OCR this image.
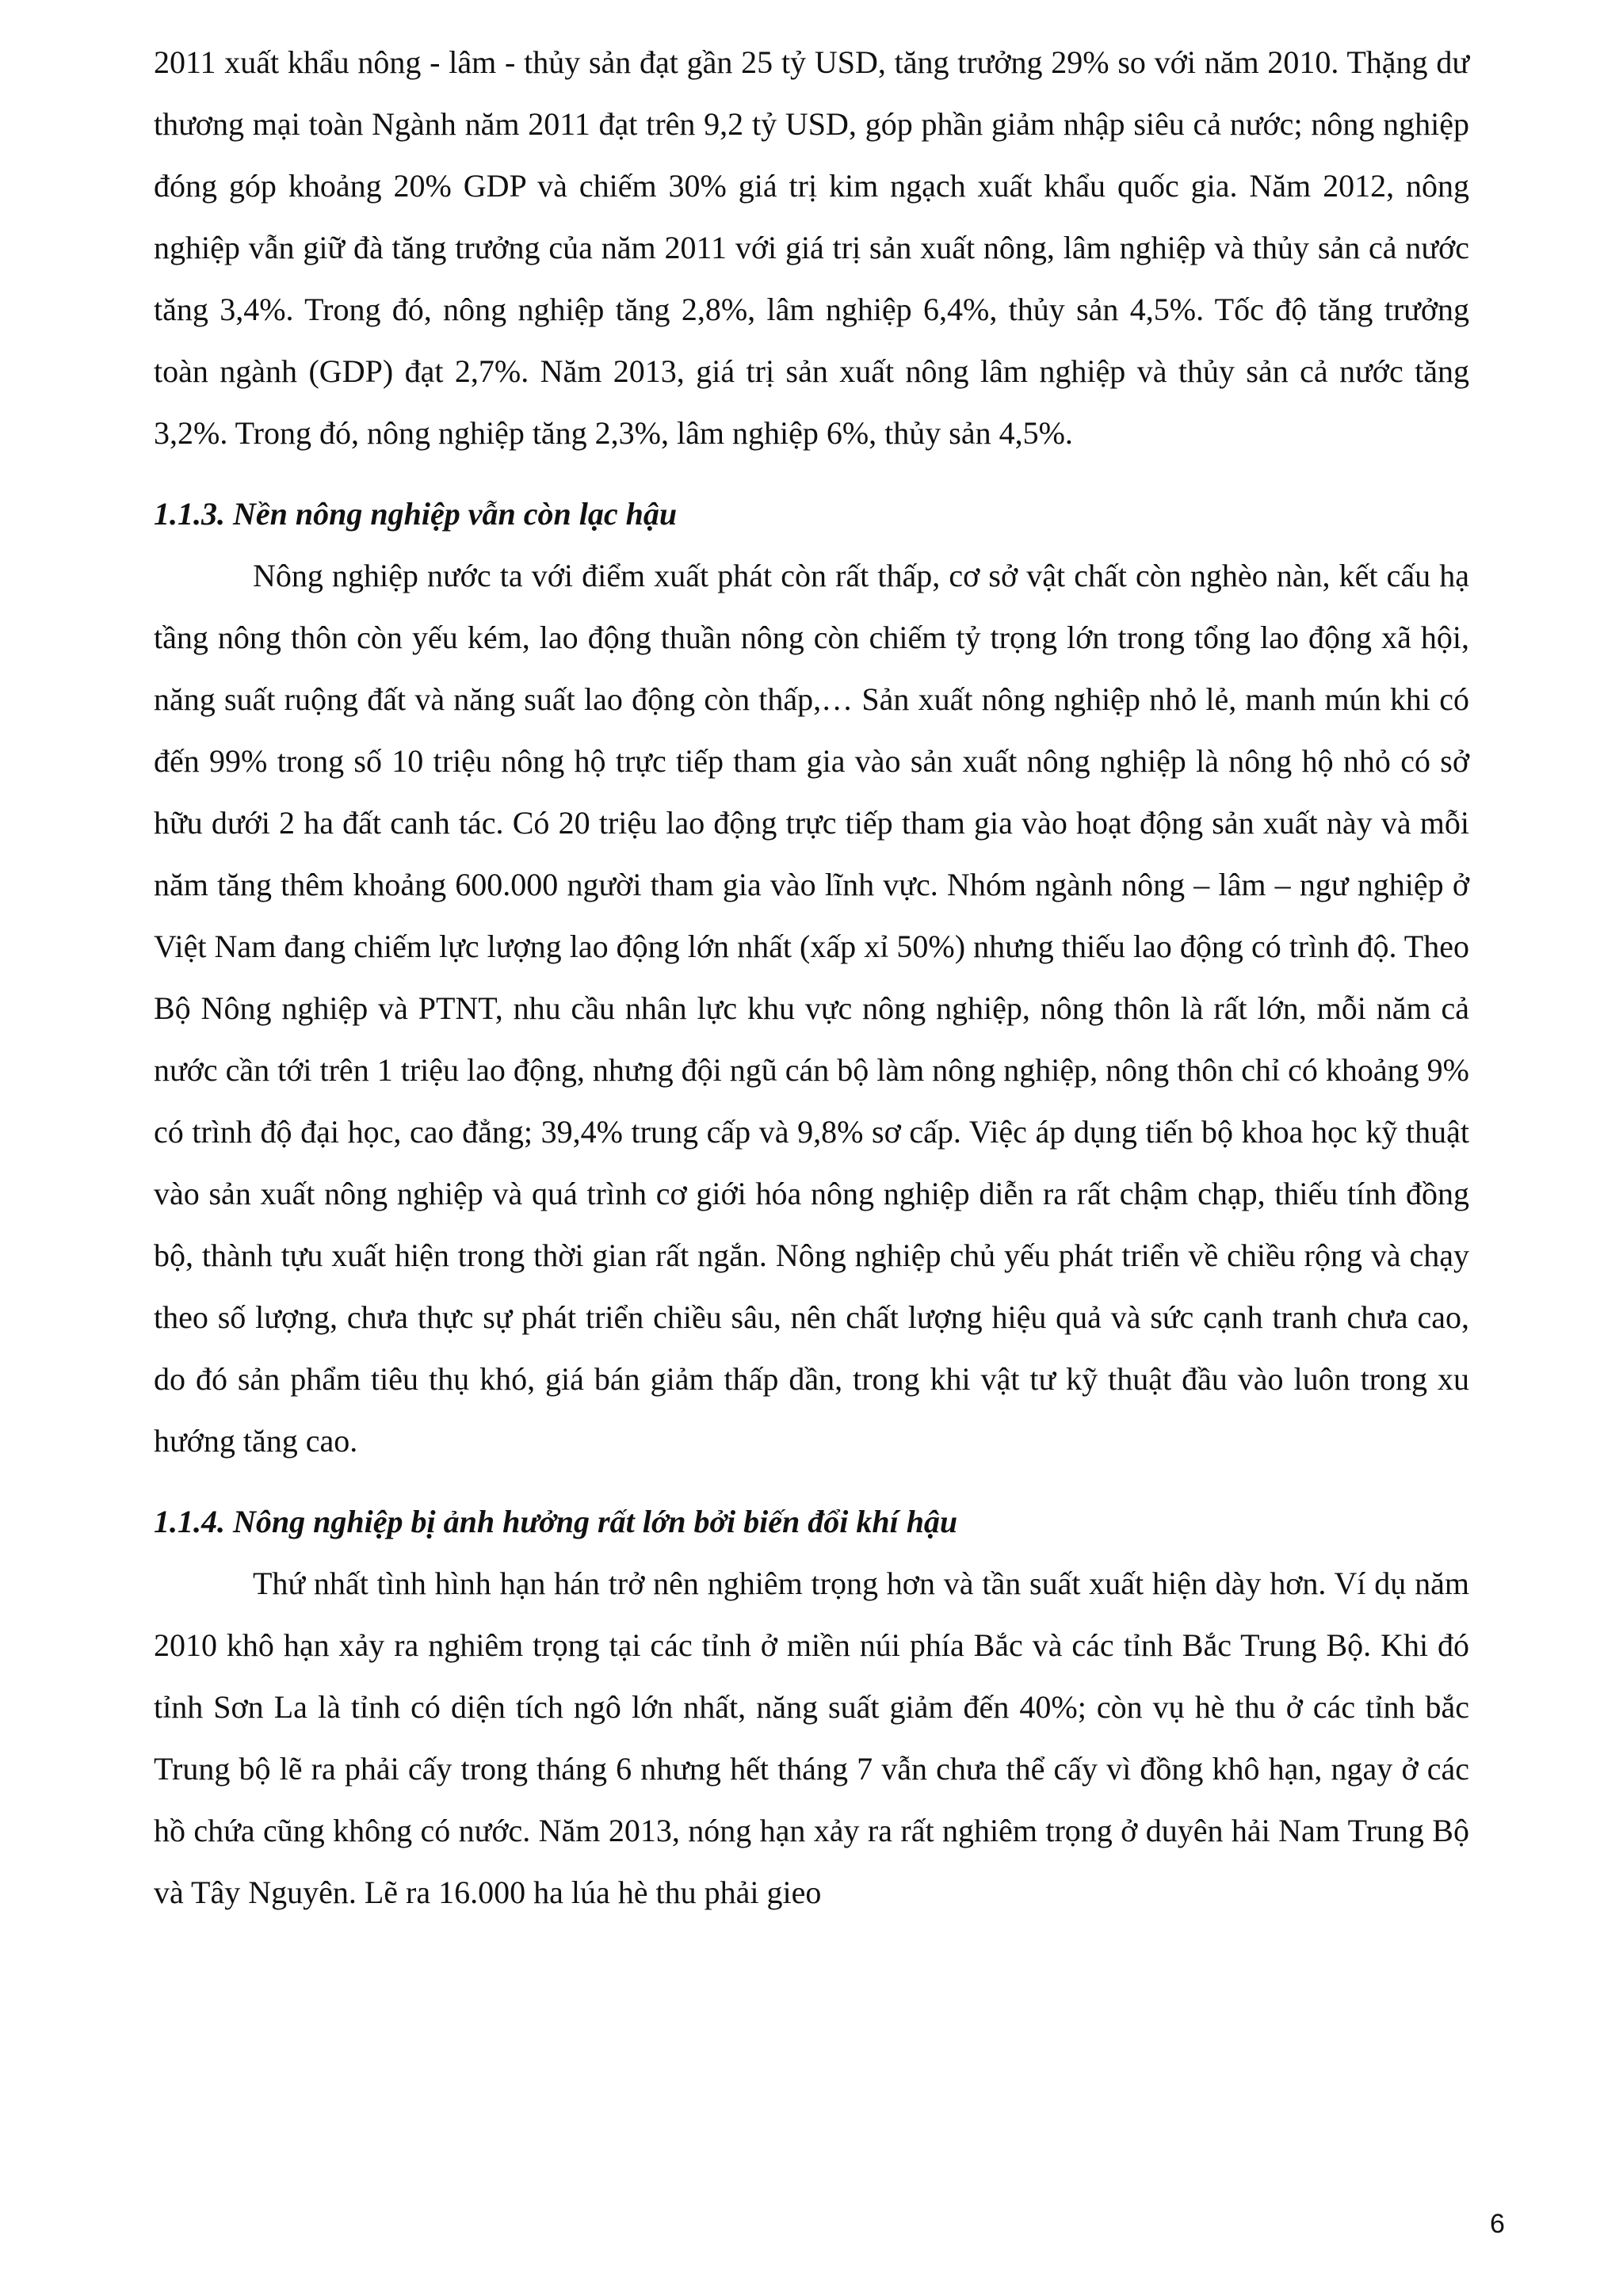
2011 xuất khẩu nông - lâm - thủy sản đạt gần 25 tỷ USD, tăng trưởng 29% so với năm 2010. Thặng dư thương mại toàn Ngành năm 2011 đạt trên 9,2 tỷ USD, góp phần giảm nhập siêu cả nước; nông nghiệp đóng góp khoảng 20% GDP và chiếm 30% giá trị kim ngạch xuất khẩu quốc gia. Năm 2012, nông nghiệp vẫn giữ đà tăng trưởng của năm 2011 với giá trị sản xuất nông, lâm nghiệp và thủy sản cả nước tăng 3,4%. Trong đó, nông nghiệp tăng 2,8%, lâm nghiệp 6,4%, thủy sản 4,5%. Tốc độ tăng trưởng toàn ngành (GDP) đạt 2,7%. Năm 2013, giá trị sản xuất nông lâm nghiệp và thủy sản cả nước tăng 3,2%. Trong đó, nông nghiệp tăng 2,3%, lâm nghiệp 6%, thủy sản 4,5%.

1.1.3. Nền nông nghiệp vẫn còn lạc hậu

Nông nghiệp nước ta với điểm xuất phát còn rất thấp, cơ sở vật chất còn nghèo nàn, kết cấu hạ tầng nông thôn còn yếu kém, lao động thuần nông còn chiếm tỷ trọng lớn trong tổng lao động xã hội, năng suất ruộng đất và năng suất lao động còn thấp,… Sản xuất nông nghiệp nhỏ lẻ, manh mún khi có đến 99% trong số 10 triệu nông hộ trực tiếp tham gia vào sản xuất nông nghiệp là nông hộ nhỏ có sở hữu dưới 2 ha đất canh tác. Có 20 triệu lao động trực tiếp tham gia vào hoạt động sản xuất này và mỗi năm tăng thêm khoảng 600.000 người tham gia vào lĩnh vực. Nhóm ngành nông – lâm – ngư nghiệp ở Việt Nam đang chiếm lực lượng lao động lớn nhất (xấp xỉ 50%) nhưng thiếu lao động có trình độ. Theo Bộ Nông nghiệp và PTNT, nhu cầu nhân lực khu vực nông nghiệp, nông thôn là rất lớn, mỗi năm cả nước cần tới trên 1 triệu lao động, nhưng đội ngũ cán bộ làm nông nghiệp, nông thôn chỉ có khoảng 9% có trình độ đại học, cao đẳng; 39,4% trung cấp và 9,8% sơ cấp. Việc áp dụng tiến bộ khoa học kỹ thuật vào sản xuất nông nghiệp và quá trình cơ giới hóa nông nghiệp diễn ra rất chậm chạp, thiếu tính đồng bộ, thành tựu xuất hiện trong thời gian rất ngắn. Nông nghiệp chủ yếu phát triển về chiều rộng và chạy theo số lượng, chưa thực sự phát triển chiều sâu, nên chất lượng hiệu quả và sức cạnh tranh chưa cao, do đó sản phẩm tiêu thụ khó, giá bán giảm thấp dần, trong khi vật tư kỹ thuật đầu vào luôn trong xu hướng tăng cao.

1.1.4. Nông nghiệp bị ảnh hưởng rất lớn bởi biến đổi khí hậu

Thứ nhất tình hình hạn hán trở nên nghiêm trọng hơn và tần suất xuất hiện dày hơn. Ví dụ năm 2010 khô hạn xảy ra nghiêm trọng tại các tỉnh ở miền núi phía Bắc và các tỉnh Bắc Trung Bộ. Khi đó tỉnh Sơn La là tỉnh có diện tích ngô lớn nhất, năng suất giảm đến 40%; còn vụ hè thu ở các tỉnh bắc Trung bộ lẽ ra phải cấy trong tháng 6 nhưng hết tháng 7 vẫn chưa thể cấy vì đồng khô hạn, ngay ở các hồ chứa cũng không có nước. Năm 2013, nóng hạn xảy ra rất nghiêm trọng ở duyên hải Nam Trung Bộ và Tây Nguyên. Lẽ ra 16.000 ha lúa hè thu phải gieo

6
